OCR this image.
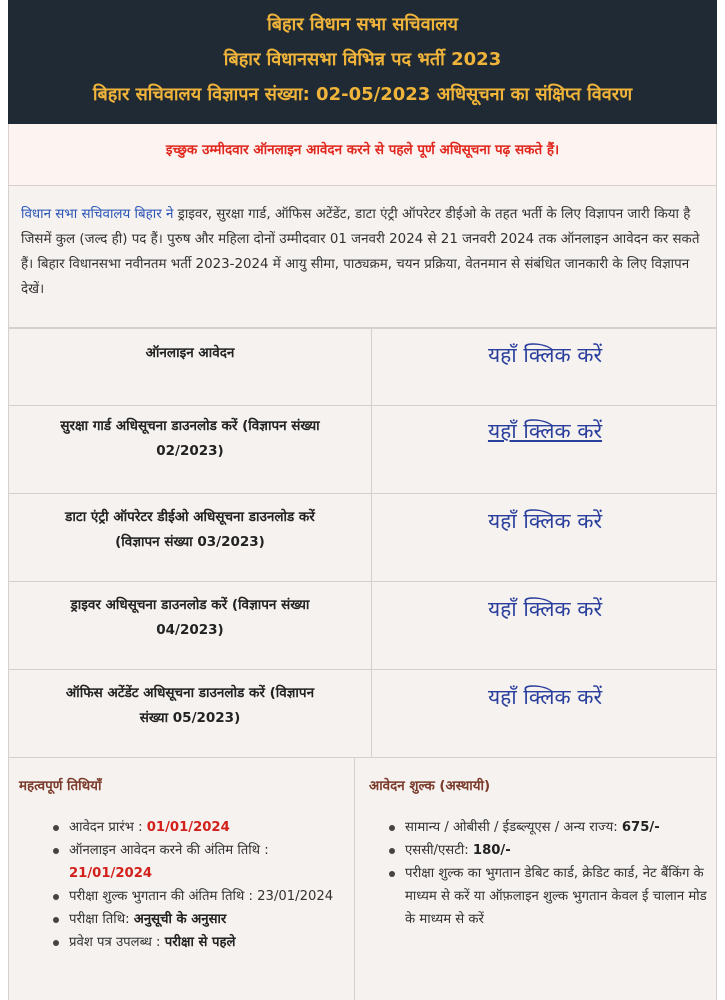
बिहार विधान सभा सचिवालय
बिहार विधानसभा विभिन्न पद भर्ती 2023
बिहार सचिवालय विज्ञापन संख्या: 02-05/2023 अधिसूचना का संक्षिप्त विवरण
इच्छुक उम्मीदवार ऑनलाइन आवेदन करने से पहले पूर्ण अधिसूचना पढ़ सकते हैं।
विधान सभा सचिवालय बिहार ने ड्राइवर, सुरक्षा गार्ड, ऑफिस अटेंडेंट, डाटा एंट्री ऑपरेटर डीईओ के तहत भर्ती के लिए विज्ञापन जारी किया है जिसमें कुल (जल्द ही) पद हैं। पुरुष और महिला दोनों उम्मीदवार 01 जनवरी 2024 से 21 जनवरी 2024 तक ऑनलाइन आवेदन कर सकते हैं। बिहार विधानसभा नवीनतम भर्ती 2023-2024 में आयु सीमा, पाठ्यक्रम, चयन प्रक्रिया, वेतनमान से संबंधित जानकारी के लिए विज्ञापन देखें।
ऑनलाइन आवेदन	यहाँ क्लिक करें
सुरक्षा गार्ड अधिसूचना डाउनलोड करें (विज्ञापन संख्या
02/2023)
यहाँ क्लिक करें
डाटा एंट्री ऑपरेटर डीईओ अधिसूचना डाउनलोड करें
(विज्ञापन संख्या 03/2023)
यहाँ क्लिक करें
ड्राइवर अधिसूचना डाउनलोड करें (विज्ञापन संख्या
04/2023)
यहाँ क्लिक करें
ऑफिस अटेंडेंट अधिसूचना डाउनलोड करें (विज्ञापन
संख्या 05/2023)
यहाँ क्लिक करें
महत्वपूर्ण तिथियाँ
आवेदन प्रारंभ : 01/01/2024
ऑनलाइन आवेदन करने की अंतिम तिथि : 21/01/2024
परीक्षा शुल्क भुगतान की अंतिम तिथि : 23/01/2024
परीक्षा तिथि: अनुसूची के अनुसार
प्रवेश पत्र उपलब्ध : परीक्षा से पहले
आवेदन शुल्क (अस्थायी)
सामान्य / ओबीसी / ईडब्ल्यूएस / अन्य राज्य: 675/-
एससी/एसटी: 180/-
परीक्षा शुल्क का भुगतान डेबिट कार्ड, क्रेडिट कार्ड, नेट बैंकिंग के माध्यम से करें या ऑफ़लाइन शुल्क भुगतान केवल ई चालान मोड के माध्यम से करें
